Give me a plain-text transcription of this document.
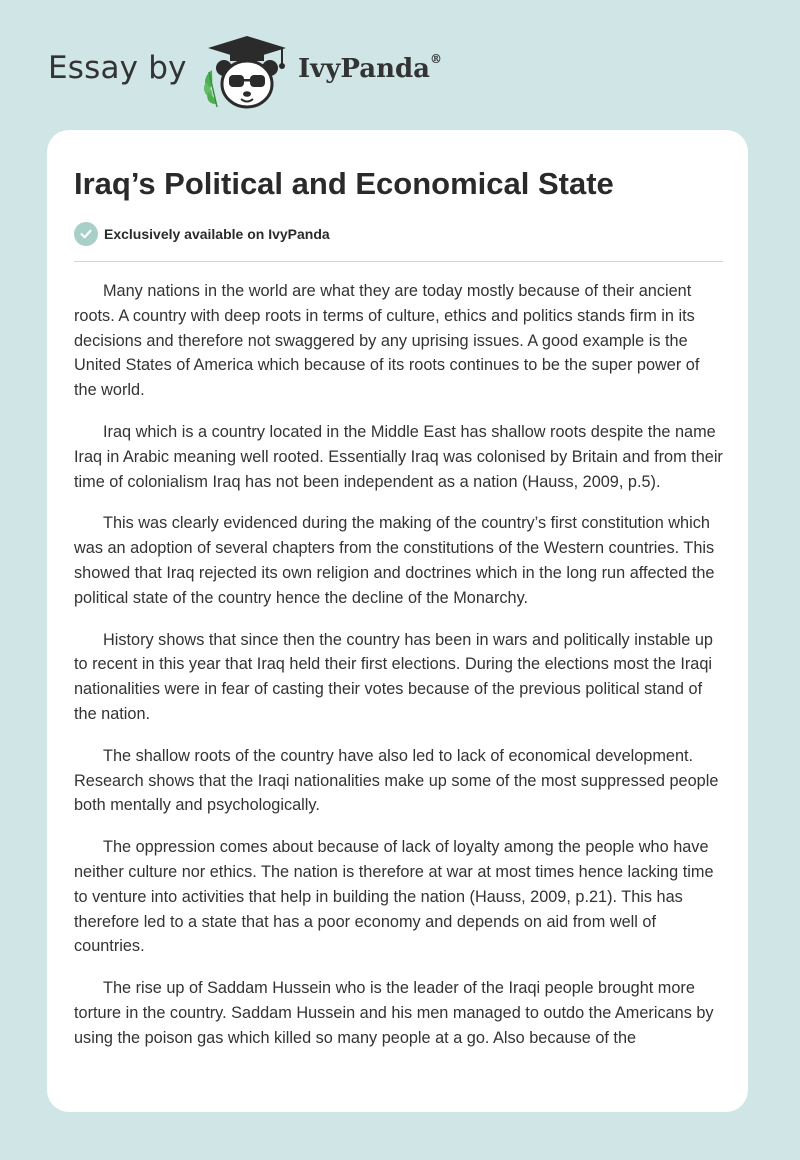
Essay by	IvyPanda®
Iraq’s Political and Economical State
Exclusively available on IvyPanda

Many nations in the world are what they are today mostly because of their ancient roots. A country with deep roots in terms of culture, ethics and politics stands firm in its decisions and therefore not swaggered by any uprising issues. A good example is the United States of America which because of its roots continues to be the super power of the world.

Iraq which is a country located in the Middle East has shallow roots despite the name Iraq in Arabic meaning well rooted. Essentially Iraq was colonised by Britain and from their time of colonialism Iraq has not been independent as a nation (Hauss, 2009, p.5).

This was clearly evidenced during the making of the country’s first constitution which was an adoption of several chapters from the constitutions of the Western countries. This showed that Iraq rejected its own religion and doctrines which in the long run affected the political state of the country hence the decline of the Monarchy.

History shows that since then the country has been in wars and politically instable up to recent in this year that Iraq held their first elections. During the elections most the Iraqi nationalities were in fear of casting their votes because of the previous political stand of the nation.

The shallow roots of the country have also led to lack of economical development. Research shows that the Iraqi nationalities make up some of the most suppressed people both mentally and psychologically.

The oppression comes about because of lack of loyalty among the people who have neither culture nor ethics. The nation is therefore at war at most times hence lacking time to venture into activities that help in building the nation (Hauss, 2009, p.21). This has therefore led to a state that has a poor economy and depends on aid from well of countries.

The rise up of Saddam Hussein who is the leader of the Iraqi people brought more torture in the country. Saddam Hussein and his men managed to outdo the Americans by using the poison gas which killed so many people at a go. Also because of the
